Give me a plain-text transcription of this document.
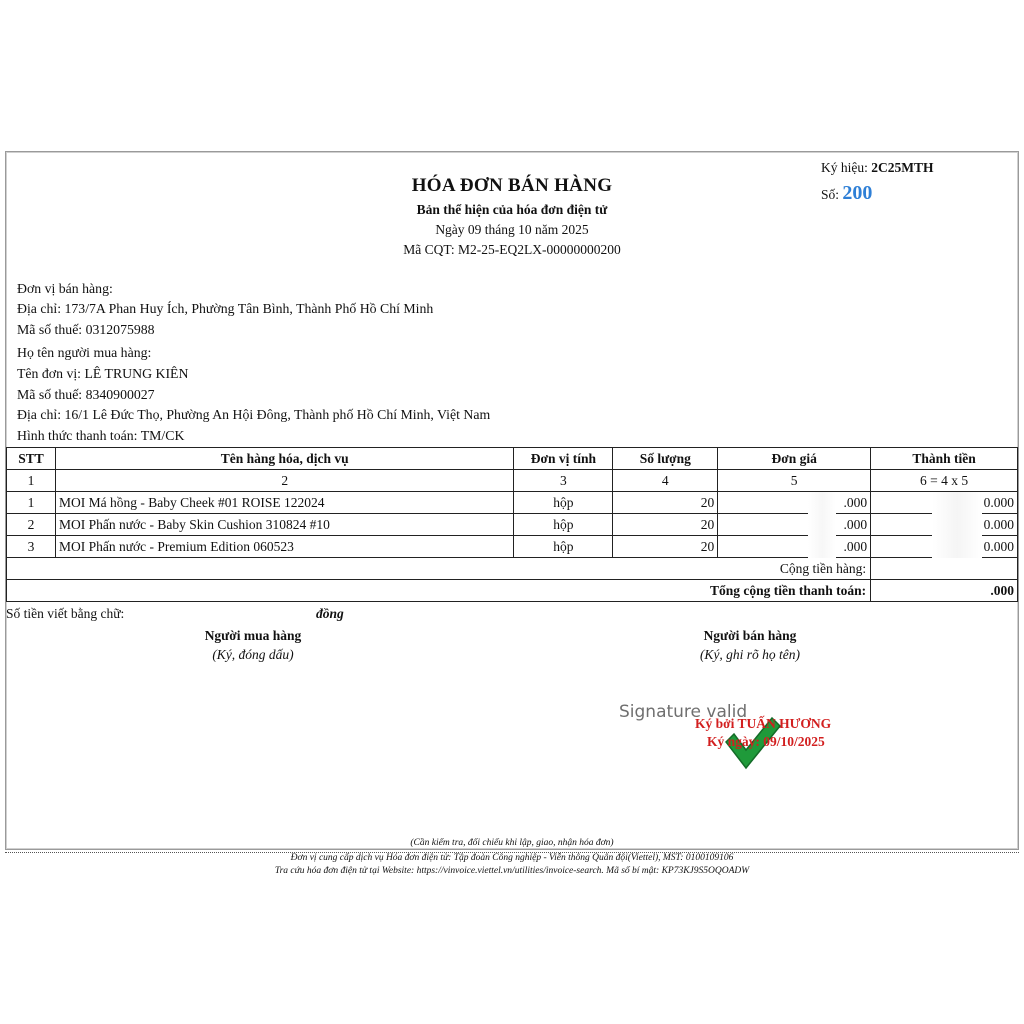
HÓA ĐƠN BÁN HÀNG
Bản thể hiện của hóa đơn điện tử
Ngày 09 tháng 10 năm 2025
Mã CQT: M2-25-EQ2LX-00000000200
Ký hiệu: 2C25MTH
Số: 200
Đơn vị bán hàng:
Địa chỉ: 173/7A Phan Huy Ích, Phường Tân Bình, Thành Phố Hồ Chí Minh
Mã số thuế: 0312075988
Họ tên người mua hàng:
Tên đơn vị: LÊ TRUNG KIÊN
Mã số thuế: 8340900027
Địa chỉ: 16/1 Lê Đức Thọ, Phường An Hội Đông, Thành phố Hồ Chí Minh, Việt Nam
Hình thức thanh toán: TM/CK
STT	Tên hàng hóa, dịch vụ	Đơn vị tính	Số lượng	Đơn giá	Thành tiền
1	2	3	4	5	6 = 4 x 5
1	MOI Má hồng - Baby Cheek #01 ROISE 122024	hộp	20	.000	0.000
2	MOI Phấn nước - Baby Skin Cushion 310824 #10	hộp	20	.000	0.000
3	MOI Phấn nước - Premium Edition 060523	hộp	20	.000	0.000
Cộng tiền hàng:					
Tổng cộng tiền thanh toán:					.000
Số tiền viết bằng chữ:	đồng
Người mua hàng
(Ký, đóng dấu)
Người bán hàng
(Ký, ghi rõ họ tên)
Signature valid
Ký bởi TUẤN HƯƠNG
Ký ngày: 09/10/2025
(Cần kiểm tra, đối chiếu khi lập, giao, nhận hóa đơn)
Đơn vị cung cấp dịch vụ Hóa đơn điện tử: Tập đoàn Công nghiệp - Viễn thông Quân đội(Viettel), MST: 0100109106
Tra cứu hóa đơn điện tử tại Website: https://vinvoice.viettel.vn/utilities/invoice-search. Mã số bí mật: KP73KJ9S5OQOADW
